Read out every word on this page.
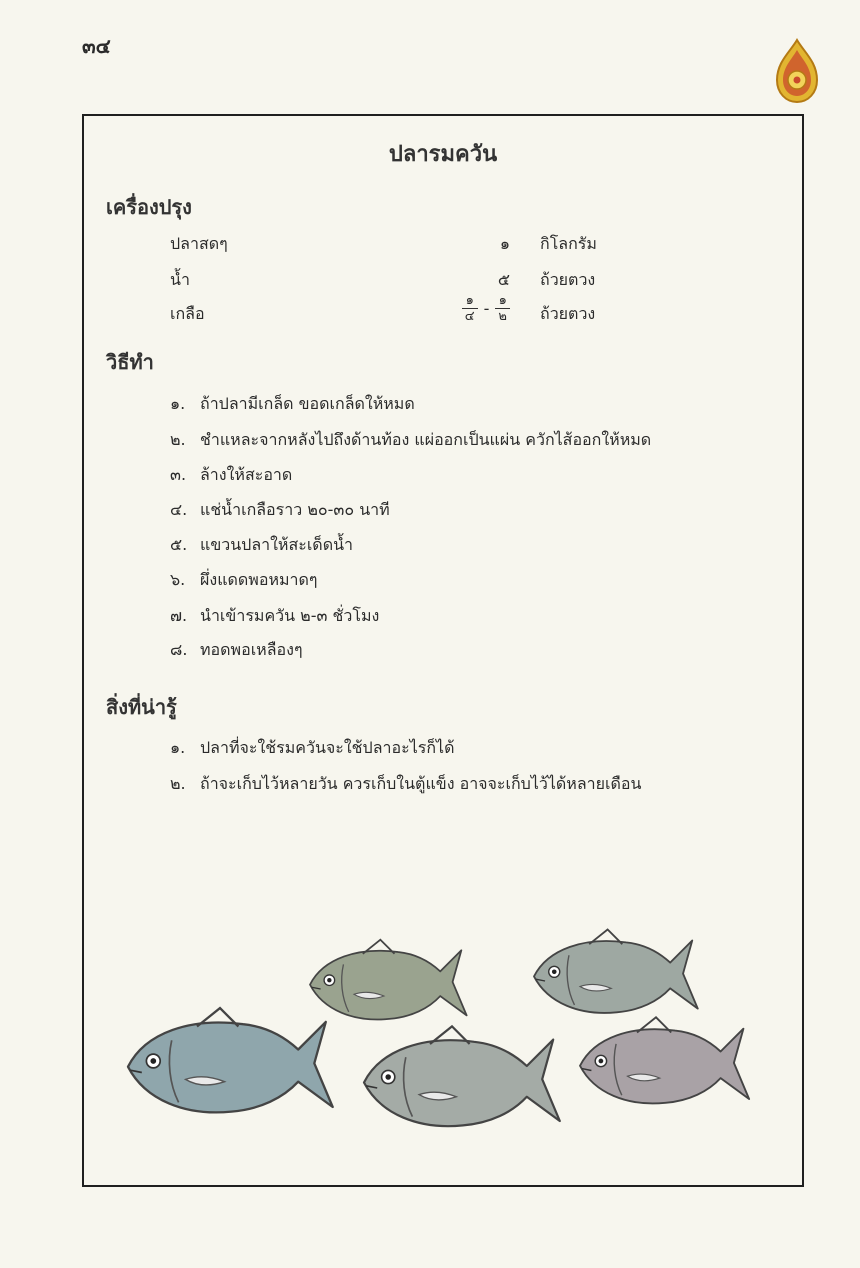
๓๔
ปลารมควัน
เครื่องปรุง
ปลาสดๆ	๑ กิโลกรัม
น้ำ	๕ ถ้วยตวง
เกลือ	$\frac{๑}{๔} - \frac{๑}{๒}$ ถ้วยตวง
วิธีทำ
๑. ถ้าปลามีเกล็ด ขอดเกล็ดให้หมด
๒. ชำแหละจากหลังไปถึงด้านท้อง แผ่ออกเป็นแผ่น ควักไส้ออกให้หมด
๓. ล้างให้สะอาด
๔. แช่น้ำเกลือราว ๒๐-๓๐ นาที
๕. แขวนปลาให้สะเด็ดน้ำ
๖. ผึ่งแดดพอหมาดๆ
๗. นำเข้ารมควัน ๒-๓ ชั่วโมง
๘. ทอดพอเหลืองๆ
สิ่งที่น่ารู้
๑. ปลาที่จะใช้รมควันจะใช้ปลาอะไรก็ได้
๒. ถ้าจะเก็บไว้หลายวัน ควรเก็บในตู้แข็ง อาจจะเก็บไว้ได้หลายเดือน
